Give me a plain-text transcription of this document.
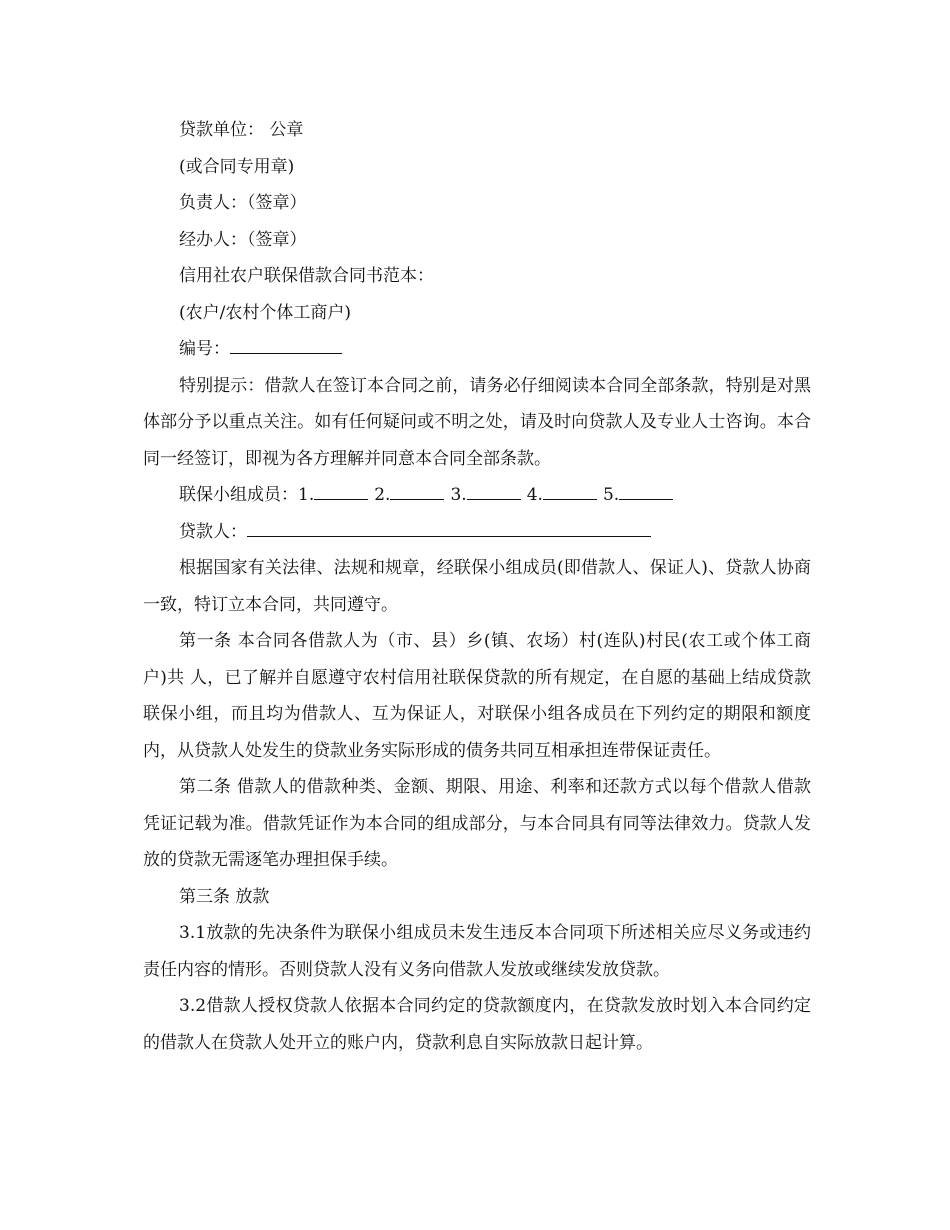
贷款单位： 公章
(或合同专用章)
负责人：（签章）
经办人：（签章）
信用社农户联保借款合同书范本：
(农户/农村个体工商户)
编号：

特别提示：借款人在签订本合同之前，请务必仔细阅读本合同全部条款，特别是对黑体部分予以重点关注。如有任何疑问或不明之处，请及时向贷款人及专业人士咨询。本合同一经签订，即视为各方理解并同意本合同全部条款。

联保小组成员：1.	2.	3.	4.	5.
贷款人：

根据国家有关法律、法规和规章，经联保小组成员(即借款人、保证人)、贷款人协商一致，特订立本合同，共同遵守。

第一条 本合同各借款人为（市、县）乡(镇、农场）村(连队)村民(农工或个体工商户)共 人，已了解并自愿遵守农村信用社联保贷款的所有规定，在自愿的基础上结成贷款联保小组，而且均为借款人、互为保证人，对联保小组各成员在下列约定的期限和额度内，从贷款人处发生的贷款业务实际形成的债务共同互相承担连带保证责任。

第二条 借款人的借款种类、金额、期限、用途、利率和还款方式以每个借款人借款凭证记载为准。借款凭证作为本合同的组成部分，与本合同具有同等法律效力。贷款人发放的贷款无需逐笔办理担保手续。

第三条 放款

3.1放款的先决条件为联保小组成员未发生违反本合同项下所述相关应尽义务或违约责任内容的情形。否则贷款人没有义务向借款人发放或继续发放贷款。

3.2借款人授权贷款人依据本合同约定的贷款额度内，在贷款发放时划入本合同约定的借款人在贷款人处开立的账户内，贷款利息自实际放款日起计算。
